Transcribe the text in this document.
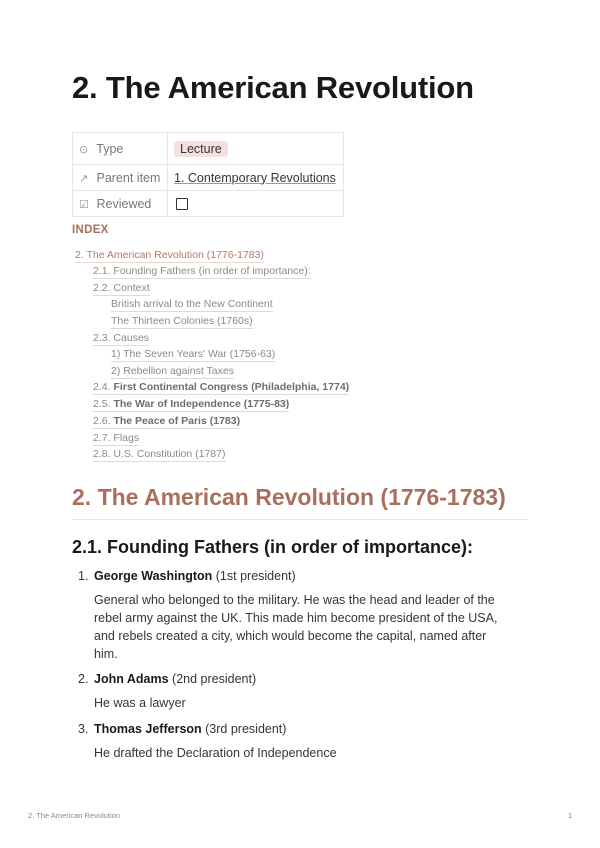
2. The American Revolution
⊙ Type	Lecture
↗ Parent item	1. Contemporary Revolutions
☑ Reviewed	
INDEX
2. The American Revolution (1776-1783)
2.1. Founding Fathers (in order of importance):
2.2. Context
British arrival to the New Continent
The Thirteen Colonies (1760s)
2.3. Causes
1) The Seven Years' War (1756-63)
2) Rebellion against Taxes
2.4. First Continental Congress (Philadelphia, 1774)
2.5. The War of Independence (1775-83)
2.6. The Peace of Paris (1783)
2.7. Flags
2.8. U.S. Constitution (1787)
2. The American Revolution (1776-1783)
2.1. Founding Fathers (in order of importance):
1. George Washington (1st president)
General who belonged to the military. He was the head and leader of the
rebel army against the UK. This made him become president of the USA,
and rebels created a city, which would become the capital, named after
him.
2. John Adams (2nd president)
He was a lawyer
3. Thomas Jefferson (3rd president)
He drafted the Declaration of Independence
2. The American Revolution	1
